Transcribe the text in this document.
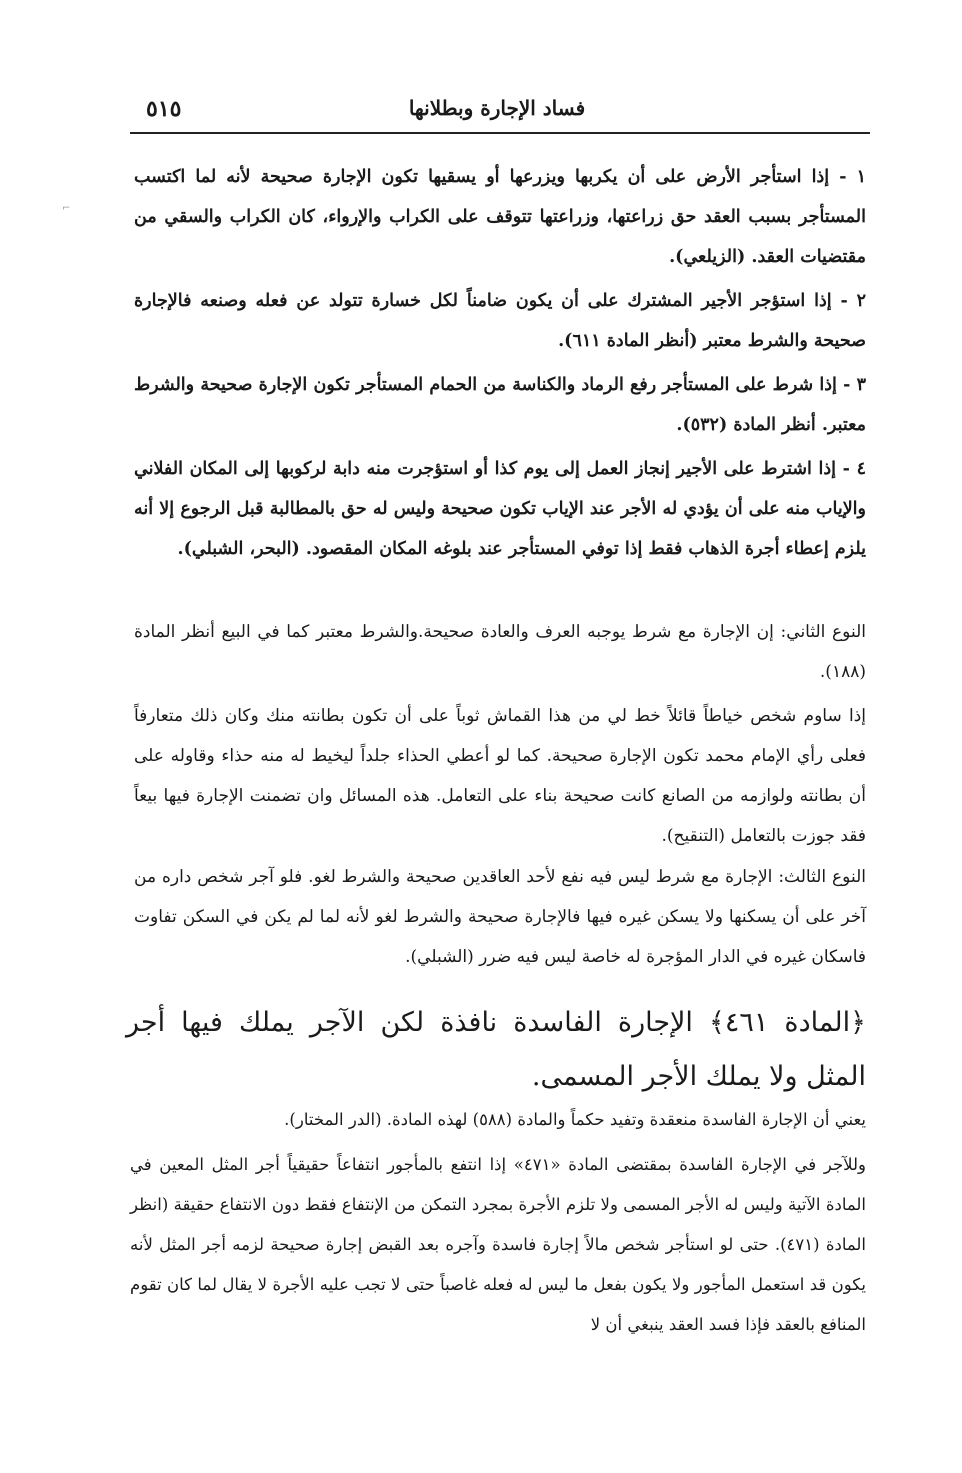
٥١٥	فساد الإجارة وبطلانها
⌐

١ - إذا استأجر الأرض على أن يكربها ويزرعها أو يسقيها تكون الإجارة صحيحة لأنه لما اكتسب المستأجر بسبب العقد حق زراعتها، وزراعتها تتوقف على الكراب والإرواء، كان الكراب والسقي من مقتضيات العقد. (الزيلعي).

٢ - إذا استؤجر الأجير المشترك على أن يكون ضامناً لكل خسارة تتولد عن فعله وصنعه فالإجارة صحيحة والشرط معتبر (أنظر المادة ٦١١).

٣ - إذا شرط على المستأجر رفع الرماد والكناسة من الحمام المستأجر تكون الإجارة صحيحة والشرط معتبر. أنظر المادة (٥٣٢).

٤ - إذا اشترط على الأجير إنجاز العمل إلى يوم كذا أو استؤجرت منه دابة لركوبها إلى المكان الفلاني والإياب منه على أن يؤدي له الأجر عند الإياب تكون صحيحة وليس له حق بالمطالبة قبل الرجوع إلا أنه يلزم إعطاء أجرة الذهاب فقط إذا توفي المستأجر عند بلوغه المكان المقصود. (البحر، الشبلي).

النوع الثاني: إن الإجارة مع شرط يوجبه العرف والعادة صحيحة.والشرط معتبر كما في البيع أنظر المادة (١٨٨).

إذا ساوم شخص خياطاً قائلاً خط لي من هذا القماش ثوباً على أن تكون بطانته منك وكان ذلك متعارفاً فعلى رأي الإمام محمد تكون الإجارة صحيحة. كما لو أعطي الحذاء جلداً ليخيط له منه حذاء وقاوله على أن بطانته ولوازمه من الصانع كانت صحيحة بناء على التعامل. هذه المسائل وان تضمنت الإجارة فيها بيعاً فقد جوزت بالتعامل (التنقيح).

النوع الثالث: الإجارة مع شرط ليس فيه نفع لأحد العاقدين صحيحة والشرط لغو. فلو آجر شخص داره من آخر على أن يسكنها ولا يسكن غيره فيها فالإجارة صحيحة والشرط لغو لأنه لما لم يكن في السكن تفاوت فاسكان غيره في الدار المؤجرة له خاصة ليس فيه ضرر (الشبلي).

﴿المادة ٤٦١﴾ الإجارة الفاسدة نافذة لكن الآجر يملك فيها أجر المثل ولا يملك الأجر المسمى.

يعني أن الإجارة الفاسدة منعقدة وتفيد حكماً والمادة (٥٨٨) لهذه المادة. (الدر المختار).

وللآجر في الإجارة الفاسدة بمقتضى المادة «٤٧١» إذا انتفع بالمأجور انتفاعاً حقيقياً أجر المثل المعين في المادة الآتية وليس له الأجر المسمى ولا تلزم الأجرة بمجرد التمكن من الإنتفاع فقط دون الانتفاع حقيقة (انظر المادة (٤٧١). حتى لو استأجر شخص مالاً إجارة فاسدة وآجره بعد القبض إجارة صحيحة لزمه أجر المثل لأنه يكون قد استعمل المأجور ولا يكون بفعل ما ليس له فعله غاصباً حتى لا تجب عليه الأجرة لا يقال لما كان تقوم المنافع بالعقد فإذا فسد العقد ينبغي أن لا
